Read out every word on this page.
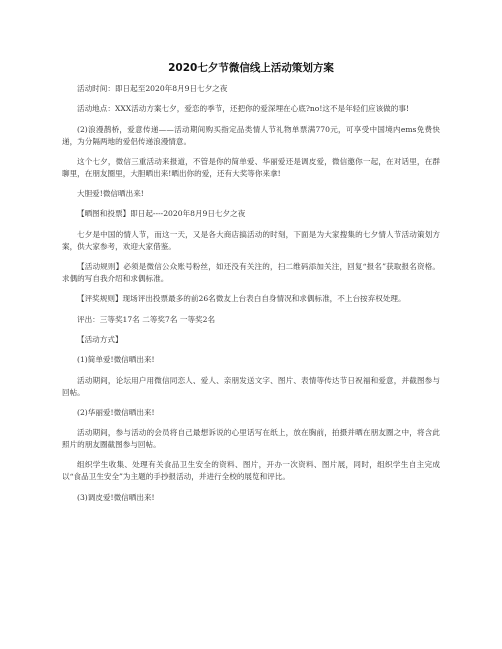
2020七夕节微信线上活动策划方案

活动时间：即日起至2020年8月9日七夕之夜

活动地点：XXX活动方案七夕，爱恋的季节，还把你的爱深埋在心底?no!这不是年轻们应该做的事!

(2)浪漫鹊桥，爱意传递——活动期间购买指定品类情人节礼物单票满770元，可享受中国境内ems免费快递，为分隔两地的爱侣传递浪漫情意。

这个七夕，微信三重活动来报道，不管是你的简单爱、华丽爱还是调皮爱，微信邀你一起，在对话里，在群聊里，在朋友圈里，大胆晒出来!晒出你的爱，还有大奖等你来拿!

大胆爱!微信晒出来!

【晒图和投票】即日起----2020年8月9日七夕之夜

七夕是中国的情人节，而这一天，又是各大商店搞活动的时刻，下面是为大家搜集的七夕情人节活动策划方案，供大家参考，欢迎大家借鉴。

【活动规则】必须是微信公众账号粉丝，如还没有关注的，扫二维码添加关注，回复“报名”获取报名资格。求偶的写自我介绍和求偶标准。

【评奖规则】现场评出投票最多的前26名微友上台表白自身情况和求偶标准，不上台按弃权处理。

评出：三等奖17名 二等奖7名 一等奖2名

【活动方式】

(1)简单爱!微信晒出来!

活动期间，论坛用户用微信同恋人、爱人、亲朋发送文字、图片、表情等传达节日祝福和爱意，并截图参与回帖。

(2)华丽爱!微信晒出来!

活动期间，参与活动的会员将自己最想诉说的心里话写在纸上，放在胸前，拍摄并晒在朋友圈之中，将含此照片的朋友圈截图参与回帖。

组织学生收集、处理有关食品卫生安全的资料、图片，开办一次资料、图片展，同时，组织学生自主完成以“食品卫生安全”为主题的手抄报活动，并进行全校的展览和评比。

(3)调皮爱!微信晒出来!
